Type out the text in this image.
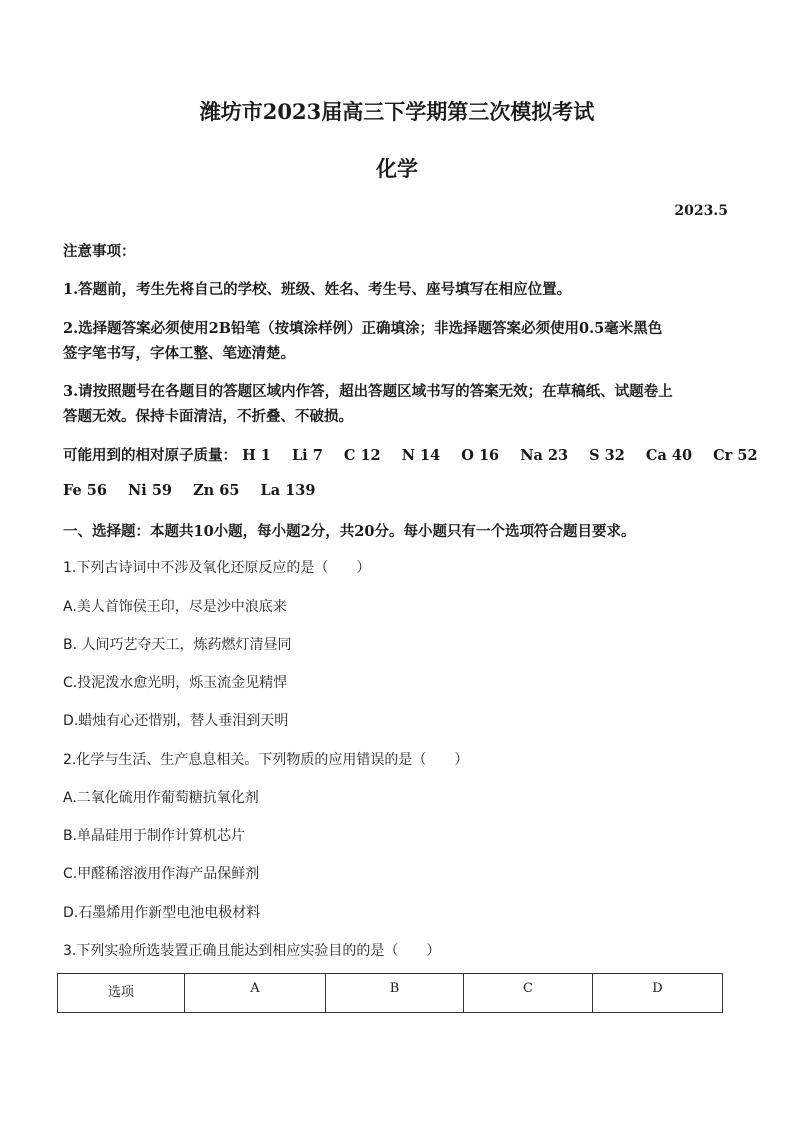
潍坊市2023届高三下学期第三次模拟考试
化学
2023.5
注意事项：
1.答题前，考生先将自己的学校、班级、姓名、考生号、座号填写在相应位置。
2.选择题答案必须使用2B铅笔（按填涂样例）正确填涂；非选择题答案必须使用0.5毫米黑色
签字笔书写，字体工整、笔迹清楚。
3.请按照题号在各题目的答题区域内作答，超出答题区域书写的答案无效；在草稿纸、试题卷上
答题无效。保持卡面清洁，不折叠、不破损。
可能用到的相对原子质量： H 1 Li 7 C 12 N 14 O 16 Na 23 S 32 Ca 40 Cr 52
Fe 56 Ni 59 Zn 65 La 139
一、选择题：本题共10小题，每小题2分，共20分。每小题只有一个选项符合题目要求。
1.下列古诗词中不涉及氧化还原反应的是（　　）
A.美人首饰侯王印，尽是沙中浪底来
B. 人间巧艺夺天工，炼药燃灯清昼同
C.投泥泼水愈光明，烁玉流金见精悍
D.蜡烛有心还惜别，替人垂泪到天明
2.化学与生活、生产息息相关。下列物质的应用错误的是（　　）
A.二氧化硫用作葡萄糖抗氧化剂
B.单晶硅用于制作计算机芯片
C.甲醛稀溶液用作海产品保鲜剂
D.石墨烯用作新型电池电极材料
3.下列实验所选装置正确且能达到相应实验目的的是（　　）
选项	A	B	C	D
